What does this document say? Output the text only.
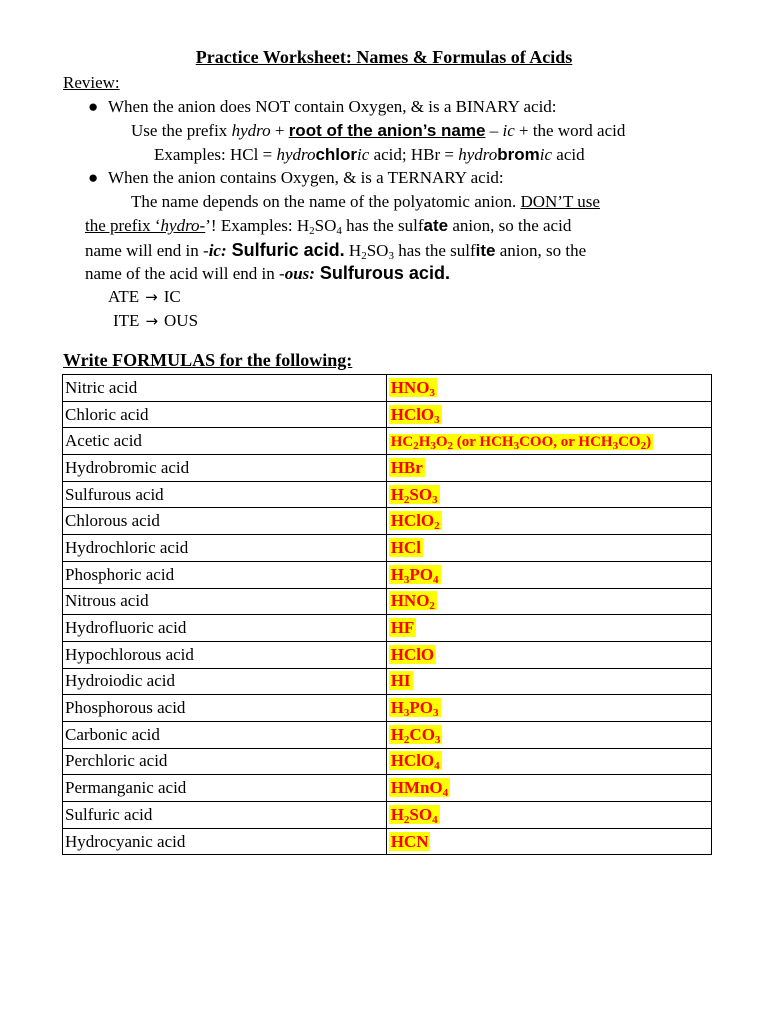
Practice Worksheet: Names & Formulas of Acids
Review:
● When the anion does NOT contain Oxygen, & is a BINARY acid:
Use the prefix hydro + root of the anion’s name – ic + the word acid
Examples: HCl = hydrochloric acid; HBr = hydrobromic acid
● When the anion contains Oxygen, & is a TERNARY acid:
The name depends on the name of the polyatomic anion. DON’T use
the prefix ‘hydro-’! Examples: $H_2SO_4$ has the sulfate anion, so the acid
name will end in -ic: Sulfuric acid. $H_2SO_3$ has the sulfite anion, so the
name of the acid will end in -ous: Sulfurous acid.
ATE → IC
ITE → OUS
Write FORMULAS for the following:
Nitric acid	$HNO_3$
Chloric acid	HClO$_3$
Acetic acid	$HC_2H_3O_2$ (or $HCH_3COO$, or $HCH_3CO_2$)
Hydrobromic acid	HBr
Sulfurous acid	$H_2SO_3$
Chlorous acid	HClO$_2$
Hydrochloric acid	HCl
Phosphoric acid	$H_3PO_4$
Nitrous acid	$HNO_2$
Hydrofluoric acid	HF
Hypochlorous acid	HClO
Hydroiodic acid	HI
Phosphorous acid	$H_3PO_3$
Carbonic acid	$H_2CO_3$
Perchloric acid	HClO$_4$
Permanganic acid	HMnO$_4$
Sulfuric acid	$H_2SO_4$
Hydrocyanic acid	HCN
